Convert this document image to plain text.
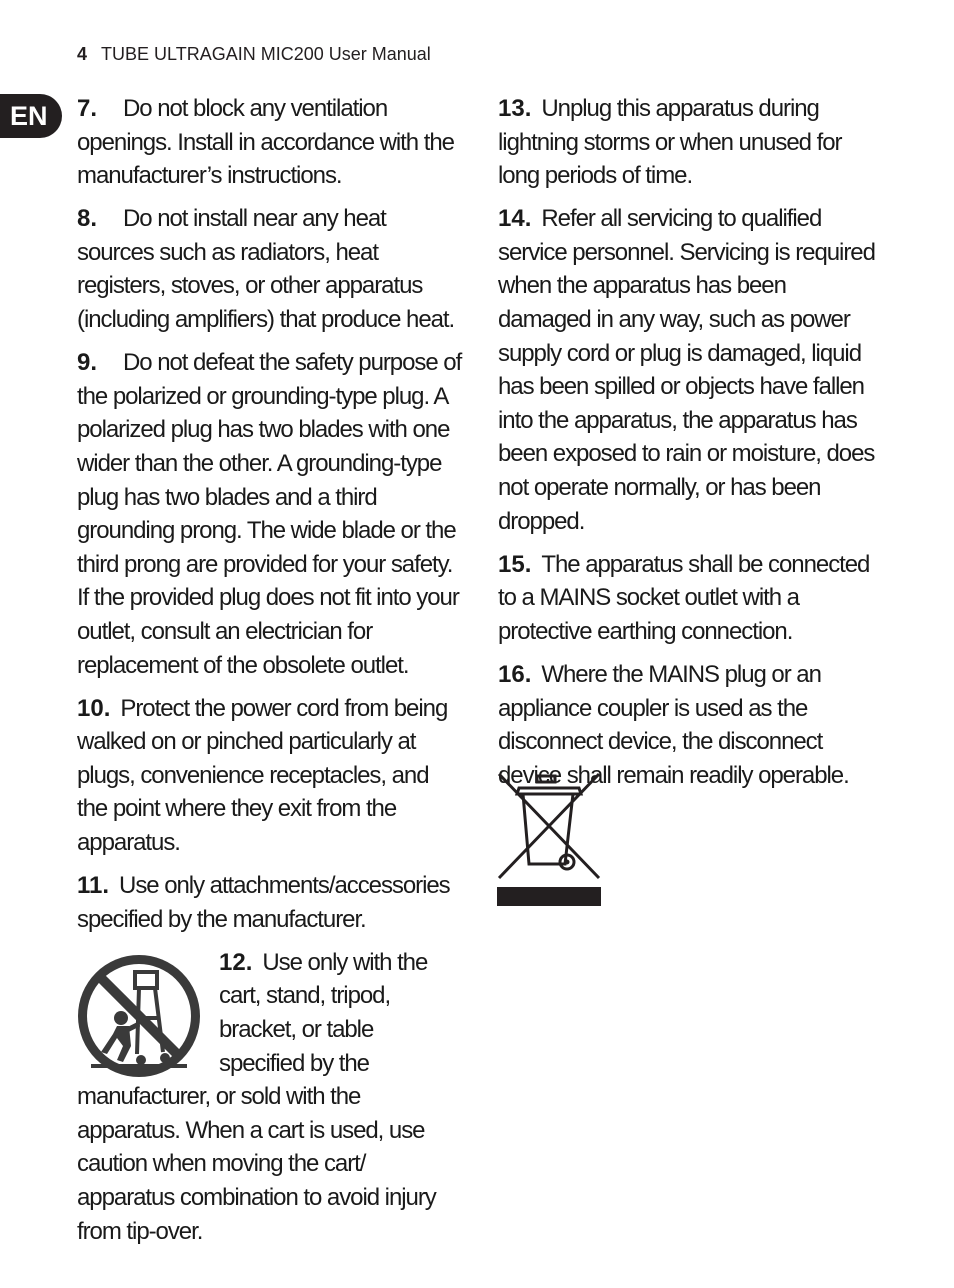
4 TUBE ULTRAGAIN MIC200 User Manual
EN	7. Do not block any ventilation openings. Install in accordance with the manufacturer’s instructions.

8. Do not install near any heat sources such as radiators, heat registers, stoves, or other apparatus (including amplifiers) that produce heat.

9. Do not defeat the safety purpose of the polarized or grounding-type plug. A polarized plug has two blades with one wider than the other. A grounding-type plug has two blades and a third grounding prong. The wide blade or the third prong are provided for your safety. If the provided plug does not fit into your outlet, consult an electrician for replacement of the obsolete outlet.

10. Protect the power cord from being walked on or pinched particularly at plugs, convenience receptacles, and the point where they exit from the apparatus.

11. Use only attachments/accessories specified by the manufacturer.

12. Use only with the cart, stand, tripod, bracket, or table specified by the manufacturer, or sold with the apparatus. When a cart is used, use caution when moving the cart/ apparatus combination to avoid injury from tip-over.

13. Unplug this apparatus during lightning storms or when unused for long periods of time.

14. Refer all servicing to qualified service personnel. Servicing is required when the apparatus has been damaged in any way, such as power supply cord or plug is damaged, liquid has been spilled or objects have fallen into the apparatus, the apparatus has been exposed to rain or moisture, does not operate normally, or has been dropped.

15. The apparatus shall be connected to a MAINS socket outlet with a protective earthing connection.

16. Where the MAINS plug or an appliance coupler is used as the disconnect device, the disconnect device shall remain readily operable.
